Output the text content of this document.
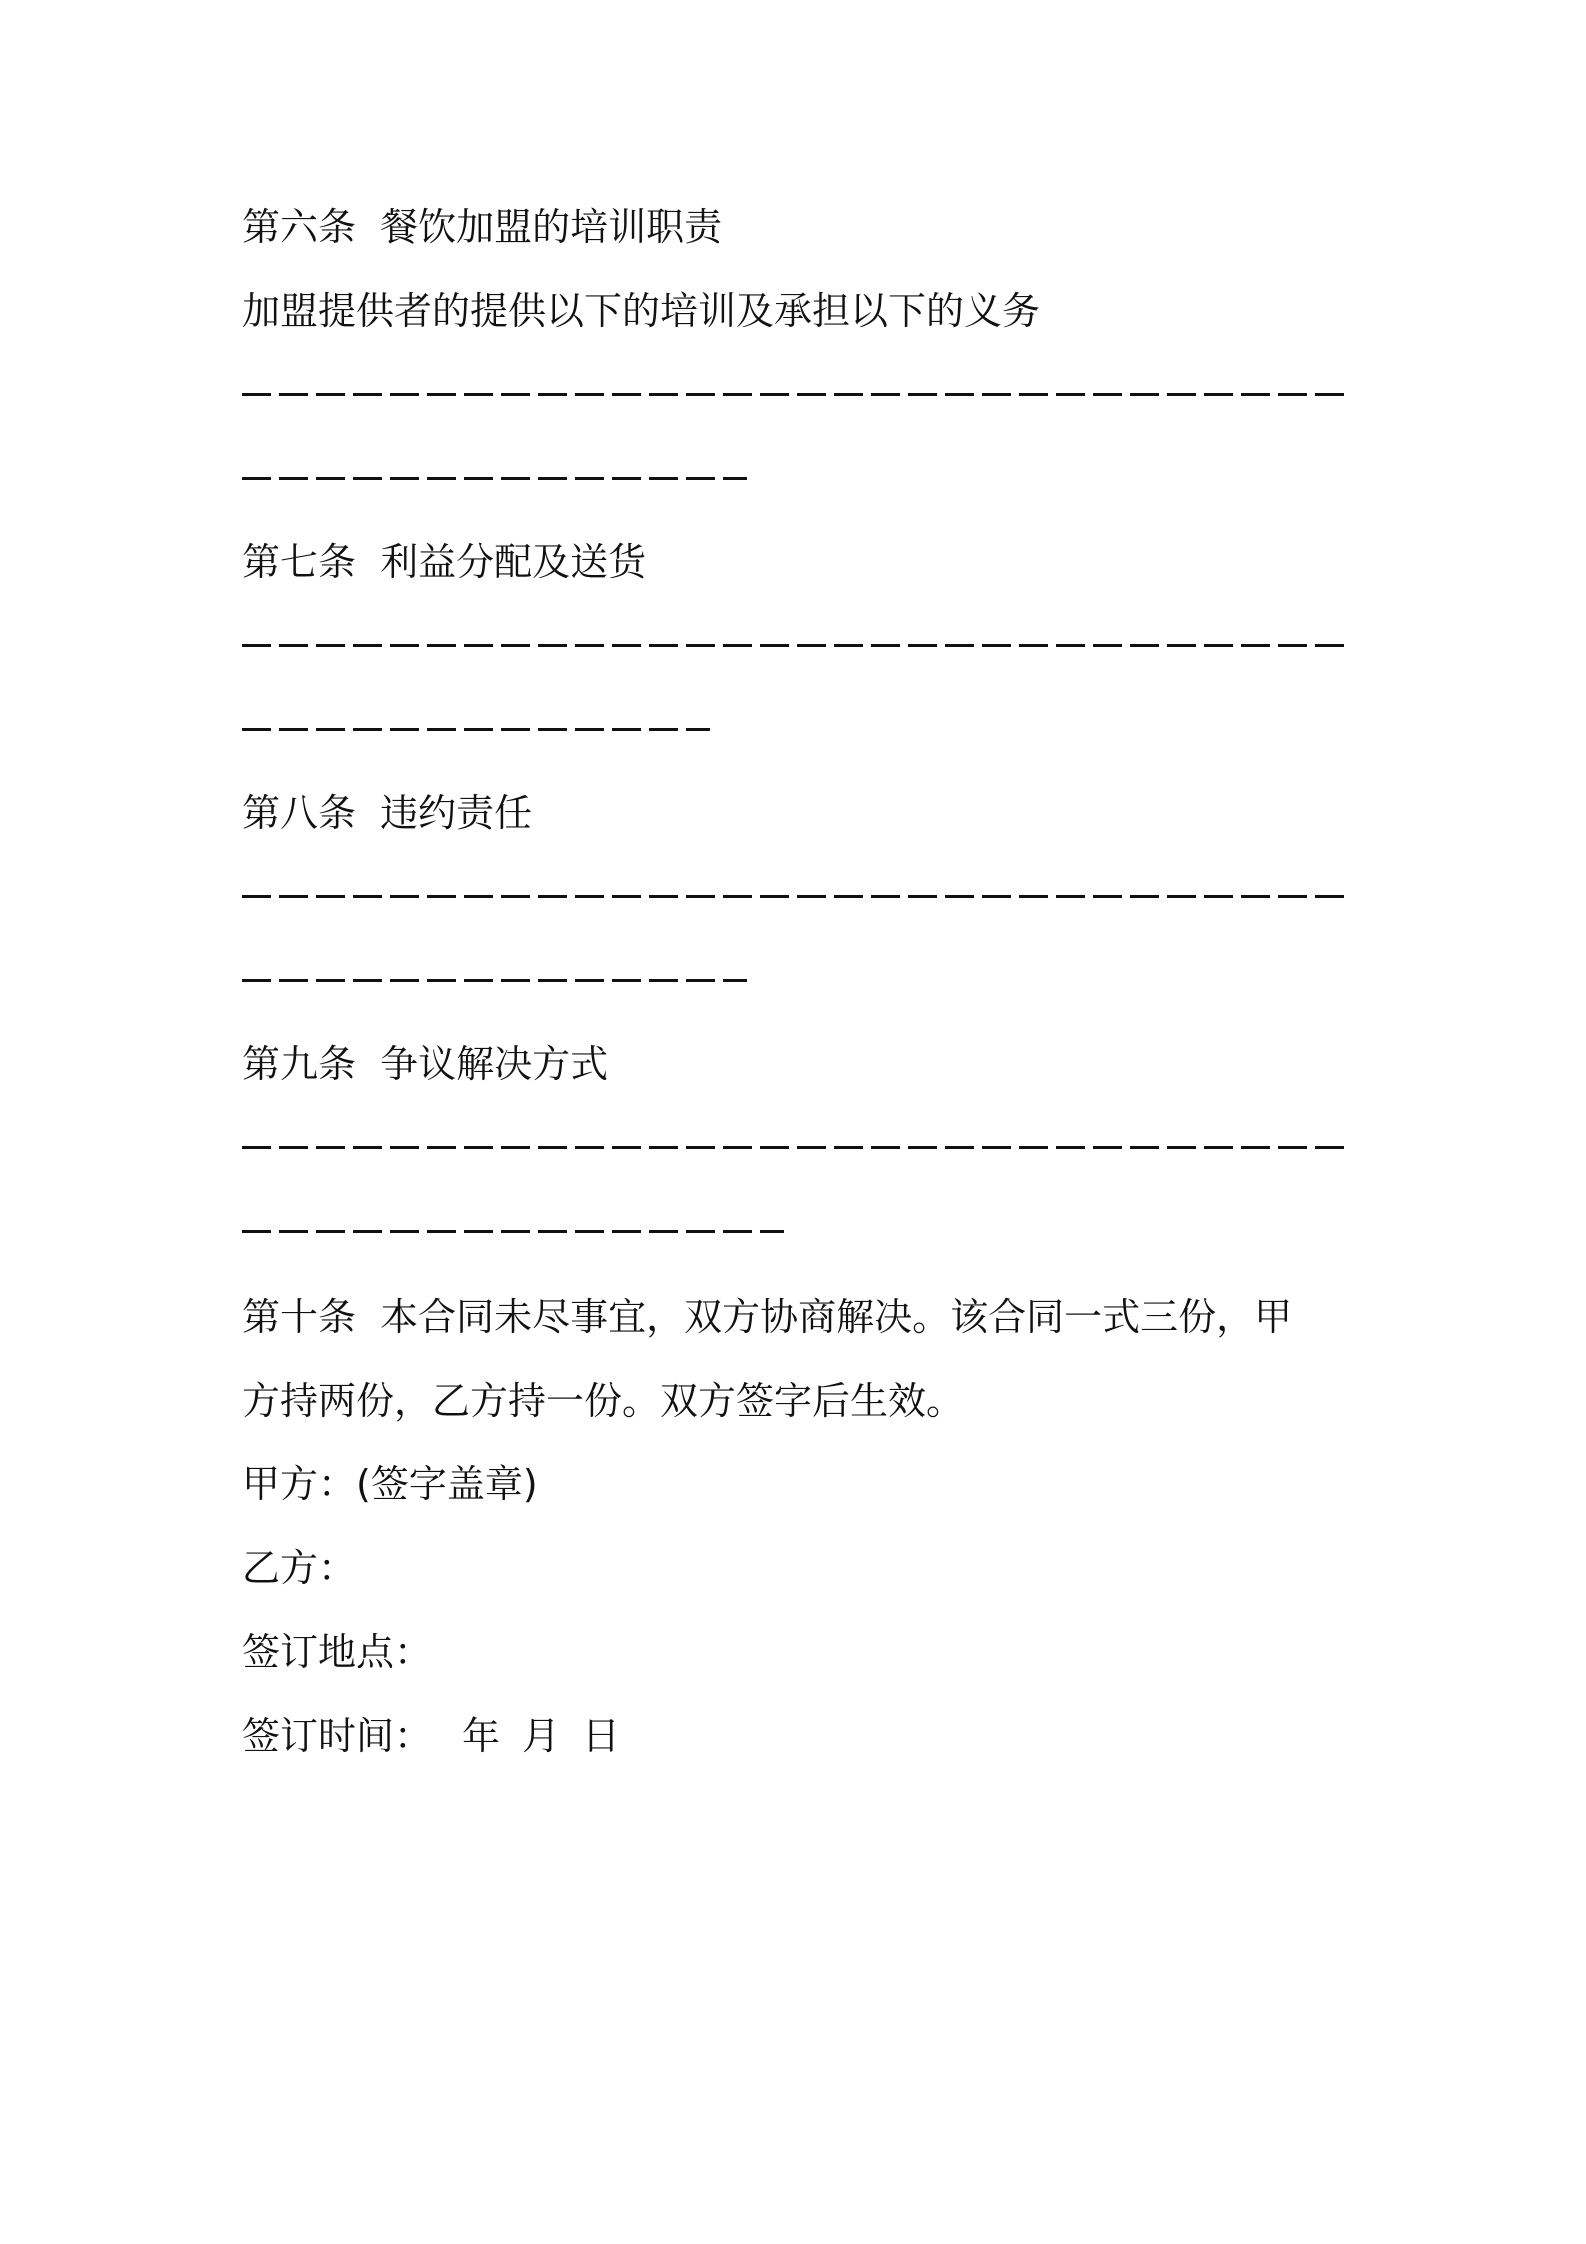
第六条  餐饮加盟的培训职责
加盟提供者的提供以下的培训及承担以下的义务
第七条  利益分配及送货
第八条  违约责任
第九条  争议解决方式
第十条  本合同未尽事宜，双方协商解决。该合同一式三份，甲
方持两份，乙方持一份。双方签字后生效。
甲方：(签字盖章)
乙方：
签订地点：
签订时间： 年 月 日
